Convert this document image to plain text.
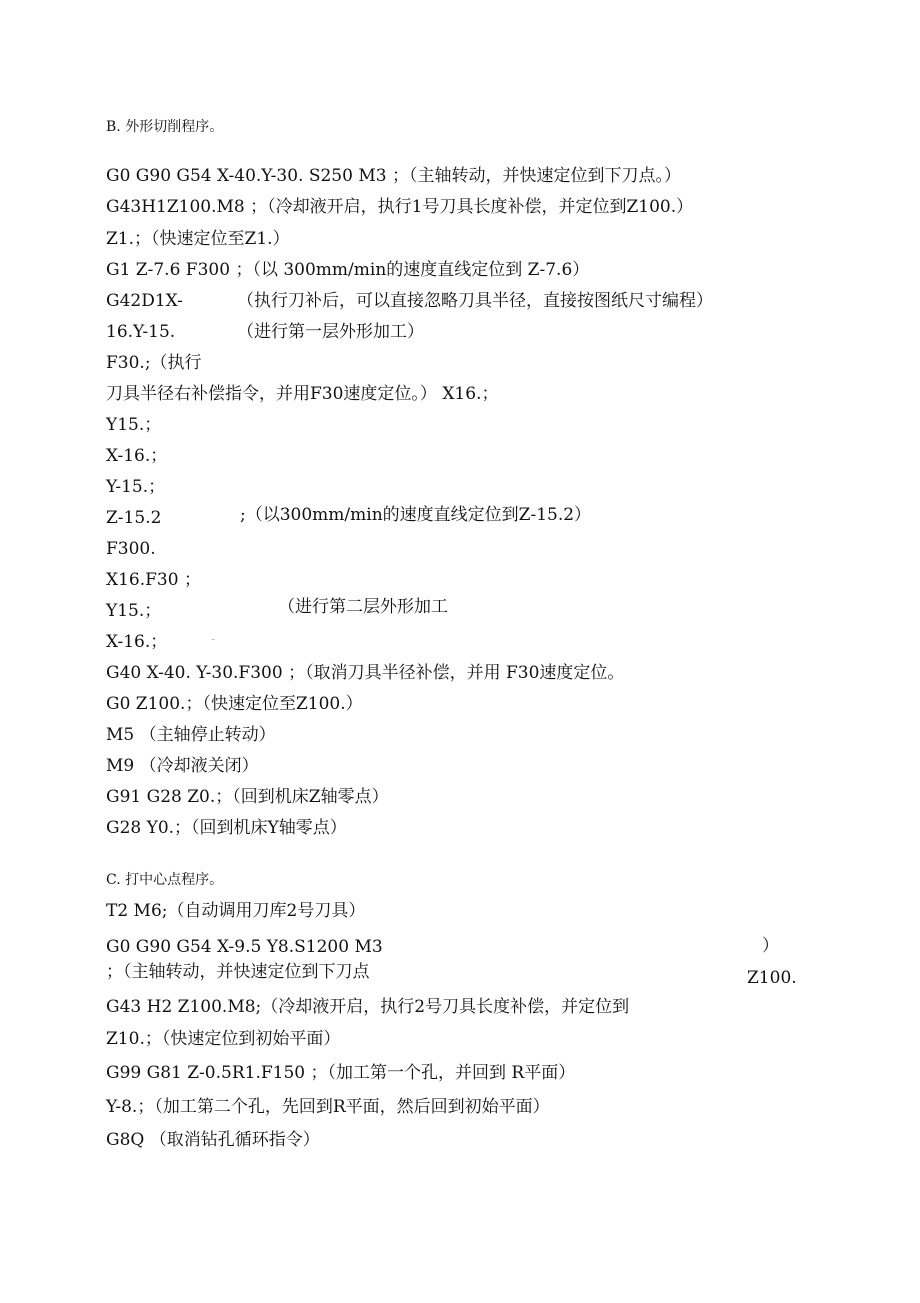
B. 外形切削程序。
G0 G90 G54 X-40.Y-30. S250 M3 ；（主轴转动，并快速定位到下刀点。）
G43H1Z100.M8 ；（冷却液开启，执行1号刀具长度补偿，并定位到Z100.）
Z1.；（快速定位至Z1.）
G1 Z-7.6 F300 ；（以 300mm/min的速度直线定位到 Z-7.6）
G42D1X-	（执行刀补后，可以直接忽略刀具半径，直接按图纸尺寸编程）
16.Y-15.	（进行第一层外形加工）
F30.;（执行
刀具半径右补偿指令，并用F30速度定位。） X16.；
Y15.；
X-16.；
Y-15.；
Z-15.2	;（以300mm/min的速度直线定位到Z-15.2）
F300.
X16.F30 ；
Y15.；	（进行第二层外形加工
X-16.；	-
G40 X-40. Y-30.F300 ；（取消刀具半径补偿，并用 F30速度定位。
G0 Z100.；（快速定位至Z100.）
M5 （主轴停止转动）
M9 （冷却液关闭）
G91 G28 Z0.；（回到机床Z轴零点）
G28 Y0.；（回到机床Y轴零点）
C. 打中心点程序。
T2 M6;（自动调用刀库2号刀具）
G0 G90 G54 X-9.5 Y8.S1200 M3	）
；（主轴转动，并快速定位到下刀点	Z100.
G43 H2 Z100.M8;（冷却液开启，执行2号刀具长度补偿，并定位到
Z10.；（快速定位到初始平面）
G99 G81 Z-0.5R1.F150 ；（加工第一个孔，并回到 R平面）
Y-8.；（加工第二个孔，先回到R平面，然后回到初始平面）
G8Q （取消钻孔循环指令）
